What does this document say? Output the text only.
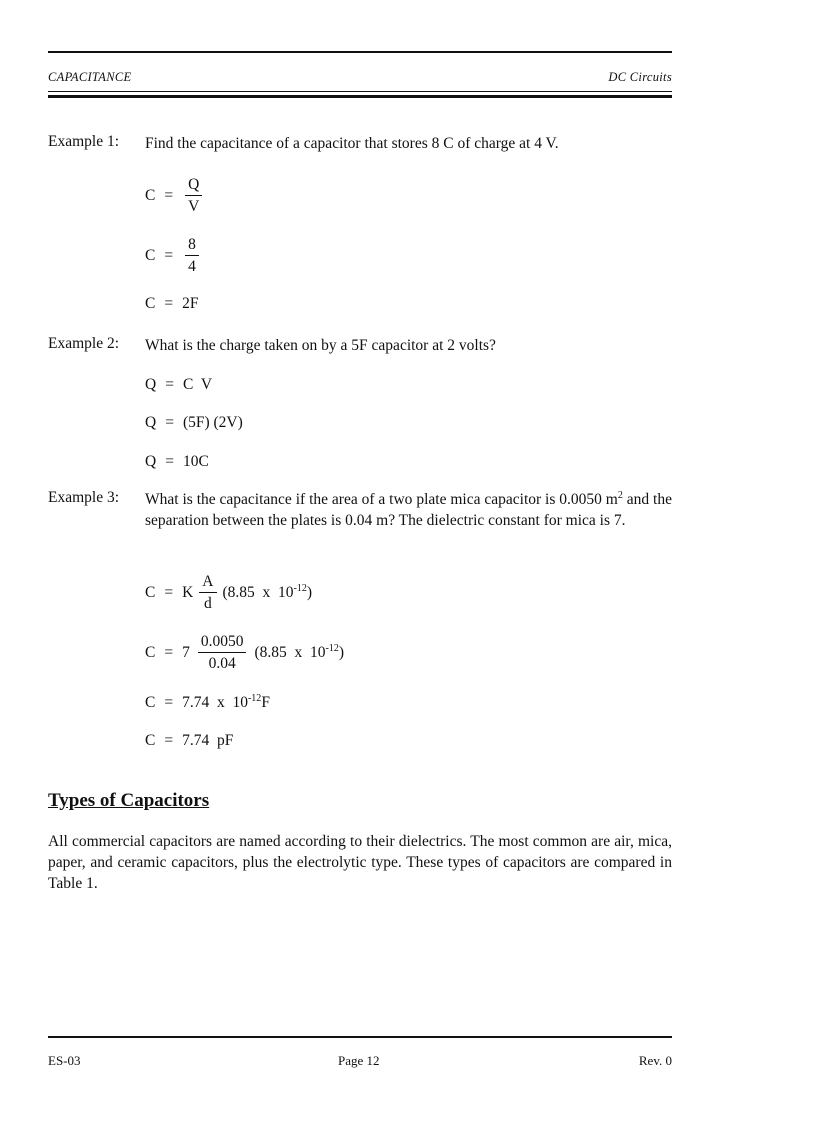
CAPACITANCE	DC Circuits
Example 1: Find the capacitance of a capacitor that stores 8 C of charge at 4 V.
$C = \frac{Q}{V}$
$C = \frac{8}{4}$
C = 2F
Example 2: What is the charge taken on by a 5F capacitor at 2 volts?
Q = C V
Q = (5F) (2V)
Q = 10C
Example 3: What is the capacitance if the area of a two plate mica capacitor is 0.0050 $m^2$ and the separation between the plates is 0.04 m? The dielectric constant for mica is 7.
C = K $\frac{A}{d} (8.85$  x  $10^{-12}$)
$C = 7 \frac{0.0050}{0.04} (8.85$  x  $10^{-12}$)
C = 7.74  x  $10^{-12}F$
C = 7.74  pF
Types of Capacitors
All commercial capacitors are named according to their dielectrics. The most common are air, mica, paper, and ceramic capacitors, plus the electrolytic type. These types of capacitors are compared in Table 1.
ES-03	Page 12	Rev. 0
